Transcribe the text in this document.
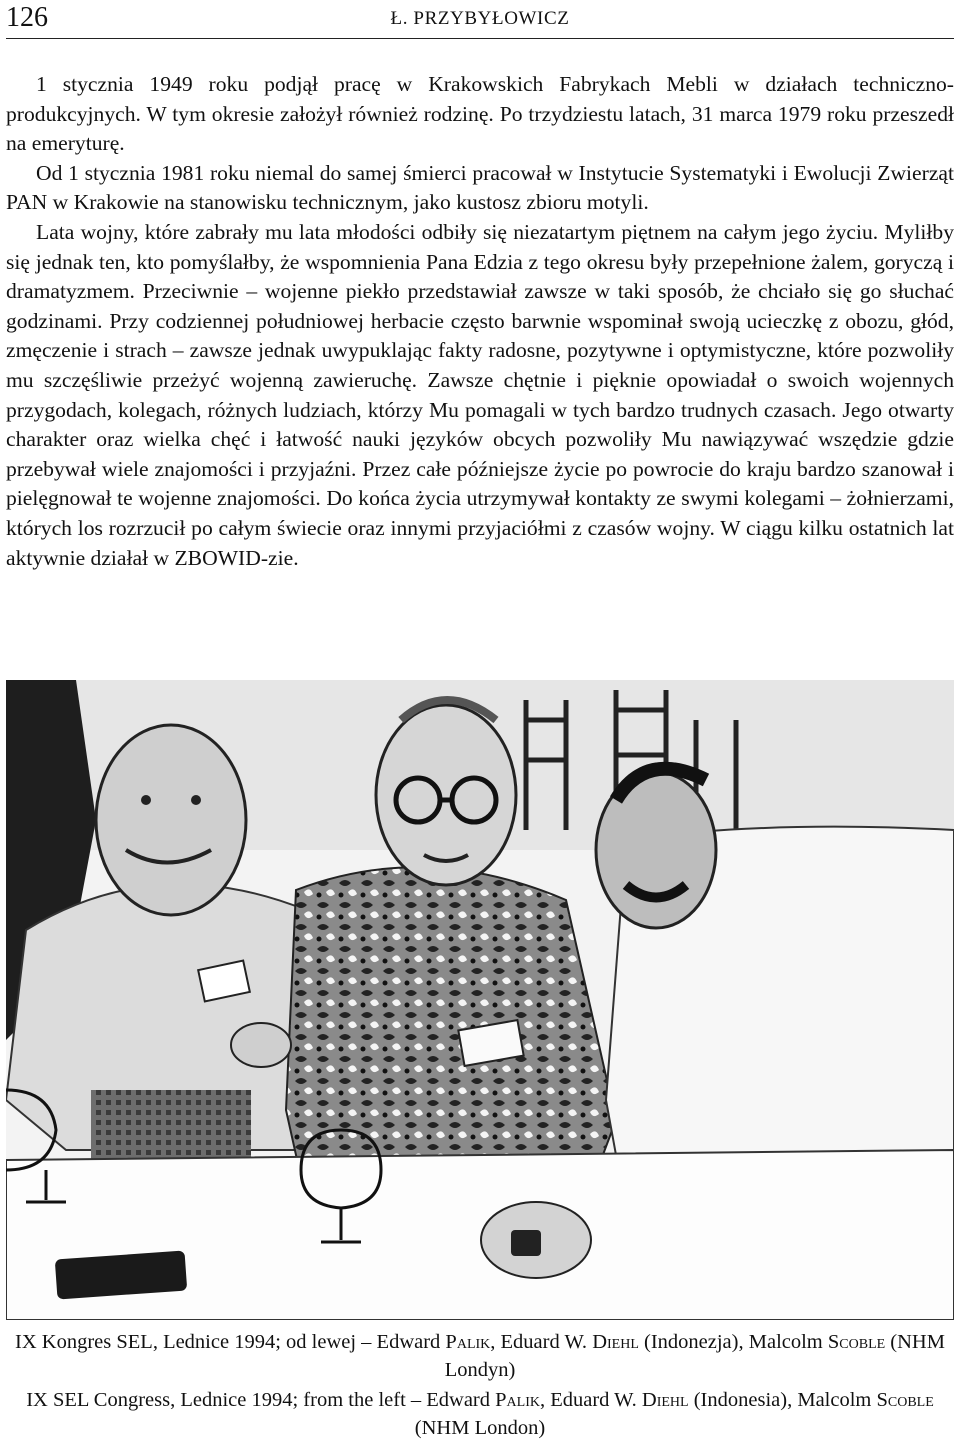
126	Ł. PRZYBYŁOWICZ

1 stycznia 1949 roku podjął pracę w Krakowskich Fabrykach Mebli w działach techniczno-produkcyjnych. W tym okresie założył również rodzinę. Po trzydziestu latach, 31 marca 1979 roku przeszedł na emeryturę.

Od 1 stycznia 1981 roku niemal do samej śmierci pracował w Instytucie Systematyki i Ewolucji Zwierząt PAN w Krakowie na stanowisku technicznym, jako kustosz zbioru motyli.

Lata wojny, które zabrały mu lata młodości odbiły się niezatartym piętnem na całym jego życiu. Myliłby się jednak ten, kto pomyślałby, że wspomnienia Pana Edzia z tego okresu były przepełnione żalem, goryczą i dramatyzmem. Przeciwnie – wojenne piekło przedstawiał zawsze w taki sposób, że chciało się go słuchać godzinami. Przy codziennej południowej herbacie często barwnie wspominał swoją ucieczkę z obozu, głód, zmęczenie i strach – zawsze jednak uwypuklając fakty radosne, pozytywne i optymistyczne, które pozwoliły mu szczęśliwie przeżyć wojenną zawieruchę. Zawsze chętnie i pięknie opowiadał o swoich wojennych przygodach, kolegach, różnych ludziach, którzy Mu pomagali w tych bardzo trudnych czasach. Jego otwarty charakter oraz wielka chęć i łatwość nauki języków obcych pozwoliły Mu nawiązywać wszędzie gdzie przebywał wiele znajomości i przyjaźni. Przez całe późniejsze życie po powrocie do kraju bardzo szanował i pielęgnował te wojenne znajomości. Do końca życia utrzymywał kontakty ze swymi kolegami – żołnierzami, których los rozrzucił po całym świecie oraz innymi przyjaciółmi z czasów wojny. W ciągu kilku ostatnich lat aktywnie działał w ZBOWID-zie.

IX Kongres SEL, Lednice 1994; od lewej – Edward Palik, Eduard W. Diehl (Indonezja), Malcolm Scoble (NHM Londyn)

IX SEL Congress, Lednice 1994; from the left – Edward Palik, Eduard W. Diehl (Indonesia), Malcolm Scoble (NHM London)
